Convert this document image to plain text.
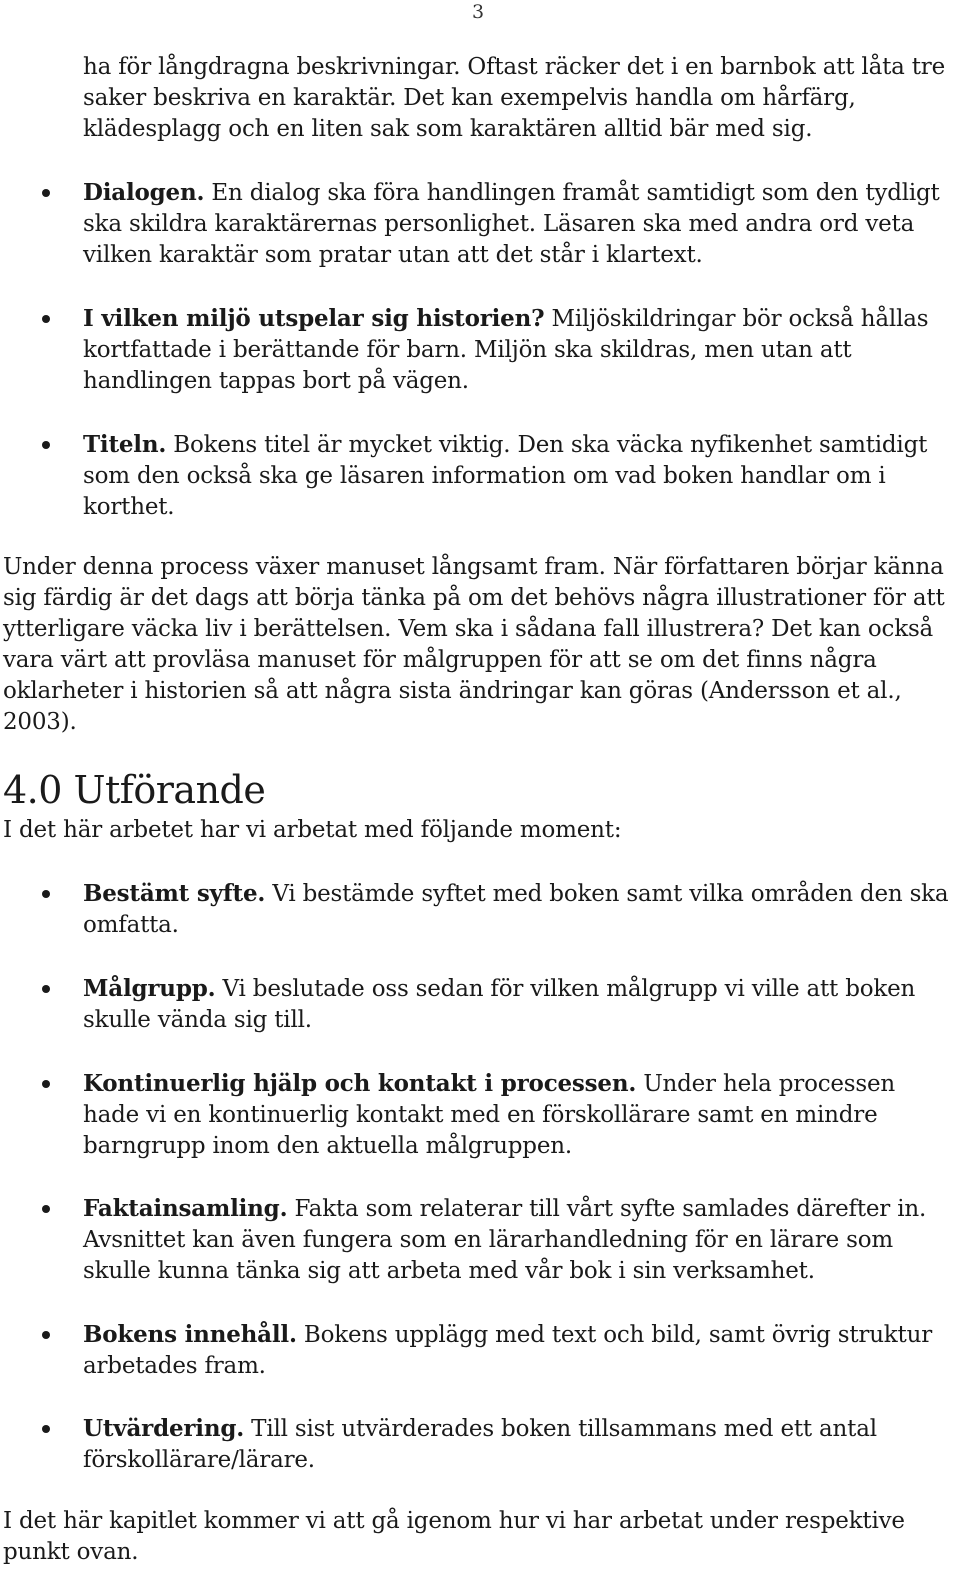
3
ha för långdragna beskrivningar. Oftast räcker det i en barnbok att låta tre saker beskriva en karaktär. Det kan exempelvis handla om hårfärg, klädesplagg och en liten sak som karaktären alltid bär med sig.
Dialogen. En dialog ska föra handlingen framåt samtidigt som den tydligt ska skildra karaktärernas personlighet. Läsaren ska med andra ord veta vilken karaktär som pratar utan att det står i klartext.
I vilken miljö utspelar sig historien? Miljöskildringar bör också hållas kortfattade i berättande för barn. Miljön ska skildras, men utan att handlingen tappas bort på vägen.
Titeln. Bokens titel är mycket viktig. Den ska väcka nyfikenhet samtidigt som den också ska ge läsaren information om vad boken handlar om i korthet.
Under denna process växer manuset långsamt fram. När författaren börjar känna sig färdig är det dags att börja tänka på om det behövs några illustrationer för att ytterligare väcka liv i berättelsen. Vem ska i sådana fall illustrera? Det kan också vara värt att provläsa manuset för målgruppen för att se om det finns några oklarheter i historien så att några sista ändringar kan göras (Andersson et al., 2003).
4.0 Utförande
I det här arbetet har vi arbetat med följande moment:
Bestämt syfte. Vi bestämde syftet med boken samt vilka områden den ska omfatta.
Målgrupp. Vi beslutade oss sedan för vilken målgrupp vi ville att boken skulle vända sig till.
Kontinuerlig hjälp och kontakt i processen. Under hela processen hade vi en kontinuerlig kontakt med en förskollärare samt en mindre barngrupp inom den aktuella målgruppen.
Faktainsamling. Fakta som relaterar till vårt syfte samlades därefter in. Avsnittet kan även fungera som en lärarhandledning för en lärare som skulle kunna tänka sig att arbeta med vår bok i sin verksamhet.
Bokens innehåll. Bokens upplägg med text och bild, samt övrig struktur arbetades fram.
Utvärdering. Till sist utvärderades boken tillsammans med ett antal förskollärare/lärare.
I det här kapitlet kommer vi att gå igenom hur vi har arbetat under respektive punkt ovan.
